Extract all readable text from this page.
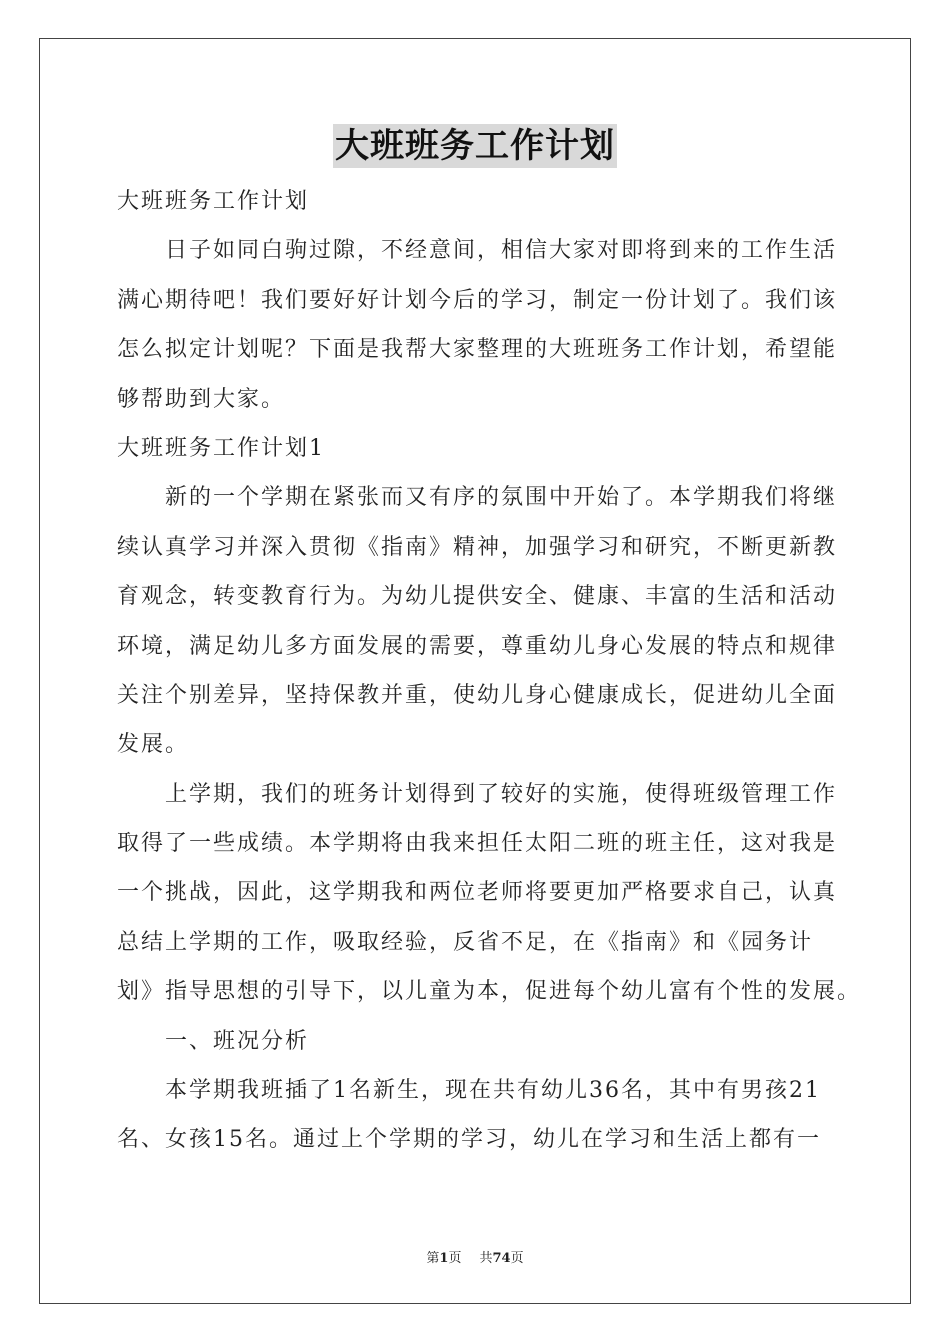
大班班务工作计划
大班班务工作计划
日子如同白驹过隙，不经意间，相信大家对即将到来的工作生活
满心期待吧！我们要好好计划今后的学习，制定一份计划了。我们该
怎么拟定计划呢？下面是我帮大家整理的大班班务工作计划，希望能
够帮助到大家。
大班班务工作计划1
新的一个学期在紧张而又有序的氛围中开始了。本学期我们将继
续认真学习并深入贯彻《指南》精神，加强学习和研究，不断更新教
育观念，转变教育行为。为幼儿提供安全、健康、丰富的生活和活动
环境，满足幼儿多方面发展的需要，尊重幼儿身心发展的特点和规律
关注个别差异，坚持保教并重，使幼儿身心健康成长，促进幼儿全面
发展。
上学期，我们的班务计划得到了较好的实施，使得班级管理工作
取得了一些成绩。本学期将由我来担任太阳二班的班主任，这对我是
一个挑战，因此，这学期我和两位老师将要更加严格要求自己，认真
总结上学期的工作，吸取经验，反省不足，在《指南》和《园务计
划》指导思想的引导下，以儿童为本，促进每个幼儿富有个性的发展。
一、班况分析
本学期我班插了1名新生，现在共有幼儿36名，其中有男孩21
名、女孩15名。通过上个学期的学习，幼儿在学习和生活上都有一
第1页 共74页
